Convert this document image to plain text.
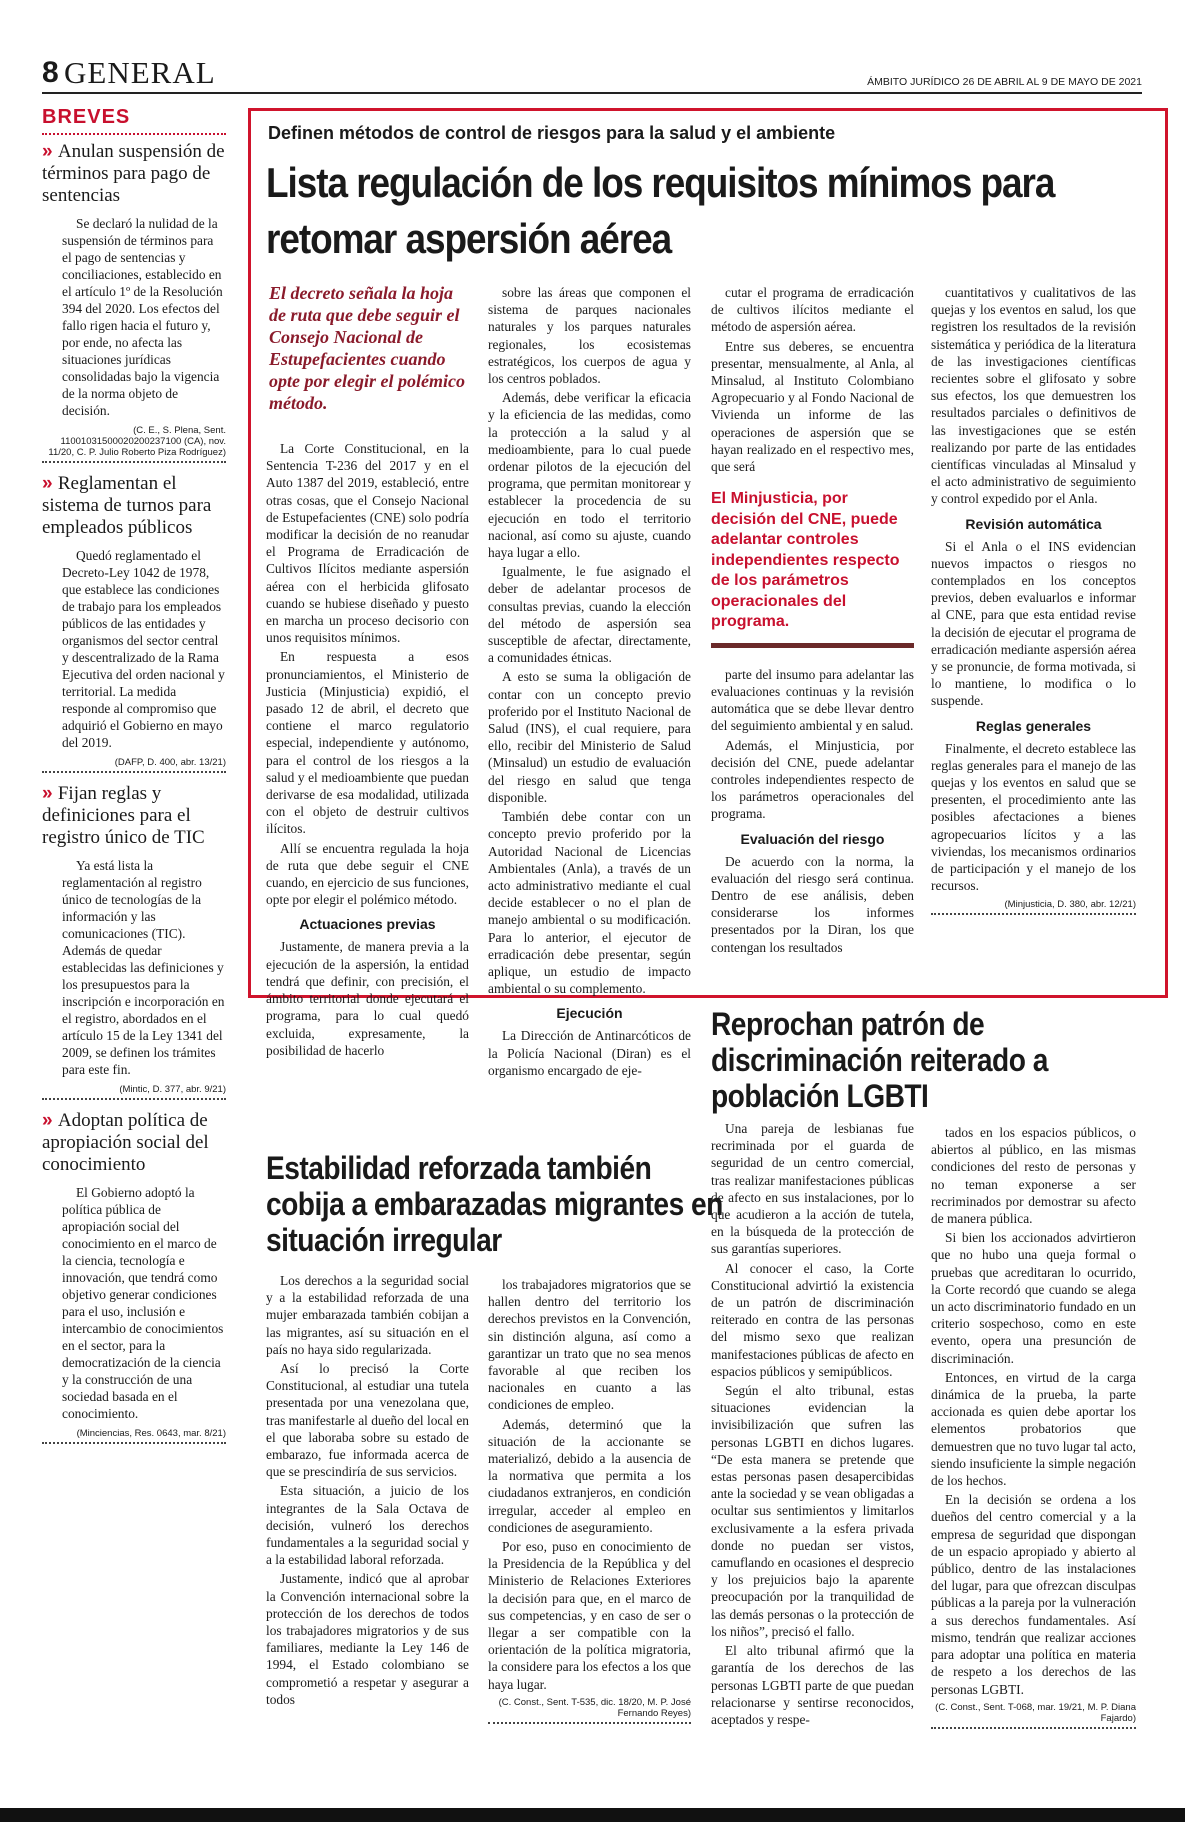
8 GENERAL	ÁMBITO JURÍDICO 26 DE ABRIL AL 9 DE MAYO DE 2021
BREVES
» Anulan suspensión de términos para pago de sentencias

Se declaró la nulidad de la suspensión de términos para el pago de sentencias y conciliaciones, establecido en el artículo 1º de la Resolución 394 del 2020. Los efectos del fallo rigen hacia el futuro y, por ende, no afecta las situaciones jurídicas consolidadas bajo la vigencia de la norma objeto de decisión.

(C. E., S. Plena, Sent. 11001031500020200237100 (CA), nov. 11/20, C. P. Julio Roberto Piza Rodríguez)
» Reglamentan el sistema de turnos para empleados públicos

Quedó reglamentado el Decreto-Ley 1042 de 1978, que establece las condiciones de trabajo para los empleados públicos de las entidades y organismos del sector central y descentralizado de la Rama Ejecutiva del orden nacional y territorial. La medida responde al compromiso que adquirió el Gobierno en mayo del 2019.

(DAFP, D. 400, abr. 13/21)
» Fijan reglas y definiciones para el registro único de TIC

Ya está lista la reglamentación al registro único de tecnologías de la información y las comunicaciones (TIC). Además de quedar establecidas las definiciones y los presupuestos para la inscripción e incorporación en el registro, abordados en el artículo 15 de la Ley 1341 del 2009, se definen los trámites para este fin.

(Mintic, D. 377, abr. 9/21)
» Adoptan política de apropiación social del conocimiento

El Gobierno adoptó la política pública de apropiación social del conocimiento en el marco de la ciencia, tecnología e innovación, que tendrá como objetivo generar condiciones para el uso, inclusión e intercambio de conocimientos en el sector, para la democratización de la ciencia y la construcción de una sociedad basada en el conocimiento.

(Minciencias, Res. 0643, mar. 8/21)
Definen métodos de control de riesgos para la salud y el ambiente
Lista regulación de los requisitos mínimos para retomar aspersión aérea
El decreto señala la hoja de ruta que debe seguir el Consejo Nacional de Estupefacientes cuando opte por elegir el polémico método.

La Corte Constitucional, en la Sentencia T-236 del 2017 y en el Auto 1387 del 2019, estableció, entre otras cosas, que el Consejo Nacional de Estupefacientes (CNE) solo podría modificar la decisión de no reanudar el Programa de Erradicación de Cultivos Ilícitos mediante aspersión aérea con el herbicida glifosato cuando se hubiese diseñado y puesto en marcha un proceso decisorio con unos requisitos mínimos.

En respuesta a esos pronunciamientos, el Ministerio de Justicia (Minjusticia) expidió, el pasado 12 de abril, el decreto que contiene el marco regulatorio especial, independiente y autónomo, para el control de los riesgos a la salud y el medioambiente que puedan derivarse de esa modalidad, utilizada con el objeto de destruir cultivos ilícitos.

Allí se encuentra regulada la hoja de ruta que debe seguir el CNE cuando, en ejercicio de sus funciones, opte por elegir el polémico método.

Actuaciones previas

Justamente, de manera previa a la ejecución de la aspersión, la entidad tendrá que definir, con precisión, el ámbito territorial donde ejecutará el programa, para lo cual quedó excluida, expresamente, la posibilidad de hacerlo

sobre las áreas que componen el sistema de parques nacionales naturales y los parques naturales regionales, los ecosistemas estratégicos, los cuerpos de agua y los centros poblados.

Además, debe verificar la eficacia y la eficiencia de las medidas, como la protección a la salud y al medioambiente, para lo cual puede ordenar pilotos de la ejecución del programa, que permitan monitorear y establecer la procedencia de su ejecución en todo el territorio nacional, así como su ajuste, cuando haya lugar a ello.

Igualmente, le fue asignado el deber de adelantar procesos de consultas previas, cuando la elección del método de aspersión sea susceptible de afectar, directamente, a comunidades étnicas.

A esto se suma la obligación de contar con un concepto previo proferido por el Instituto Nacional de Salud (INS), el cual requiere, para ello, recibir del Ministerio de Salud (Minsalud) un estudio de evaluación del riesgo en salud que tenga disponible.

También debe contar con un concepto previo proferido por la Autoridad Nacional de Licencias Ambientales (Anla), a través de un acto administrativo mediante el cual decide establecer o no el plan de manejo ambiental o su modificación. Para lo anterior, el ejecutor de erradicación debe presentar, según aplique, un estudio de impacto ambiental o su complemento.

Ejecución

La Dirección de Antinarcóticos de la Policía Nacional (Diran) es el organismo encargado de eje-

cutar el programa de erradicación de cultivos ilícitos mediante el método de aspersión aérea.

Entre sus deberes, se encuentra presentar, mensualmente, al Anla, al Minsalud, al Instituto Colombiano Agropecuario y al Fondo Nacional de Vivienda un informe de las operaciones de aspersión que se hayan realizado en el respectivo mes, que será

El Minjusticia, por decisión del CNE, puede adelantar controles independientes respecto de los parámetros operacionales del programa.

parte del insumo para adelantar las evaluaciones continuas y la revisión automática que se debe llevar dentro del seguimiento ambiental y en salud.

Además, el Minjusticia, por decisión del CNE, puede adelantar controles independientes respecto de los parámetros operacionales del programa.

Evaluación del riesgo

De acuerdo con la norma, la evaluación del riesgo será continua. Dentro de ese análisis, deben considerarse los informes presentados por la Diran, los que contengan los resultados

cuantitativos y cualitativos de las quejas y los eventos en salud, los que registren los resultados de la revisión sistemática y periódica de la literatura de las investigaciones científicas recientes sobre el glifosato y sobre sus efectos, los que demuestren los resultados parciales o definitivos de las investigaciones que se estén realizando por parte de las entidades científicas vinculadas al Minsalud y el acto administrativo de seguimiento y control expedido por el Anla.

Revisión automática

Si el Anla o el INS evidencian nuevos impactos o riesgos no contemplados en los conceptos previos, deben evaluarlos e informar al CNE, para que esta entidad revise la decisión de ejecutar el programa de erradicación mediante aspersión aérea y se pronuncie, de forma motivada, si lo mantiene, lo modifica o lo suspende.

Reglas generales

Finalmente, el decreto establece las reglas generales para el manejo de las quejas y los eventos en salud que se presenten, el procedimiento ante las posibles afectaciones a bienes agropecuarios lícitos y a las viviendas, los mecanismos ordinarios de participación y el manejo de los recursos.

(Minjusticia, D. 380, abr. 12/21)
Estabilidad reforzada también cobija a embarazadas migrantes en situación irregular

Los derechos a la seguridad social y a la estabilidad reforzada de una mujer embarazada también cobijan a las migrantes, así su situación en el país no haya sido regularizada.

Así lo precisó la Corte Constitucional, al estudiar una tutela presentada por una venezolana que, tras manifestarle al dueño del local en el que laboraba sobre su estado de embarazo, fue informada acerca de que se prescindiría de sus servicios.

Esta situación, a juicio de los integrantes de la Sala Octava de decisión, vulneró los derechos fundamentales a la seguridad social y a la estabilidad laboral reforzada.

Justamente, indicó que al aprobar la Convención internacional sobre la protección de los derechos de todos los trabajadores migratorios y de sus familiares, mediante la Ley 146 de 1994, el Estado colombiano se comprometió a respetar y asegurar a todos

los trabajadores migratorios que se hallen dentro del territorio los derechos previstos en la Convención, sin distinción alguna, así como a garantizar un trato que no sea menos favorable al que reciben los nacionales en cuanto a las condiciones de empleo.

Además, determinó que la situación de la accionante se materializó, debido a la ausencia de la normativa que permita a los ciudadanos extranjeros, en condición irregular, acceder al empleo en condiciones de aseguramiento.

Por eso, puso en conocimiento de la Presidencia de la República y del Ministerio de Relaciones Exteriores la decisión para que, en el marco de sus competencias, y en caso de ser o llegar a ser compatible con la orientación de la política migratoria, la considere para los efectos a los que haya lugar.

(C. Const., Sent. T-535, dic. 18/20, M. P. José Fernando Reyes)
Reprochan patrón de discriminación reiterado a población LGBTI

Una pareja de lesbianas fue recriminada por el guarda de seguridad de un centro comercial, tras realizar manifestaciones públicas de afecto en sus instalaciones, por lo que acudieron a la acción de tutela, en la búsqueda de la protección de sus garantías superiores.

Al conocer el caso, la Corte Constitucional advirtió la existencia de un patrón de discriminación reiterado en contra de las personas del mismo sexo que realizan manifestaciones públicas de afecto en espacios públicos y semipúblicos.

Según el alto tribunal, estas situaciones evidencian la invisibilización que sufren las personas LGBTI en dichos lugares. “De esta manera se pretende que estas personas pasen desapercibidas ante la sociedad y se vean obligadas a ocultar sus sentimientos y limitarlos exclusivamente a la esfera privada donde no puedan ser vistos, camuflando en ocasiones el desprecio y los prejuicios bajo la aparente preocupación por la tranquilidad de las demás personas o la protección de los niños”, precisó el fallo.

El alto tribunal afirmó que la garantía de los derechos de las personas LGBTI parte de que puedan relacionarse y sentirse reconocidos, aceptados y respe-

tados en los espacios públicos, o abiertos al público, en las mismas condiciones del resto de personas y no teman exponerse a ser recriminados por demostrar su afecto de manera pública.

Si bien los accionados advirtieron que no hubo una queja formal o pruebas que acreditaran lo ocurrido, la Corte recordó que cuando se alega un acto discriminatorio fundado en un criterio sospechoso, como en este evento, opera una presunción de discriminación.

Entonces, en virtud de la carga dinámica de la prueba, la parte accionada es quien debe aportar los elementos probatorios que demuestren que no tuvo lugar tal acto, siendo insuficiente la simple negación de los hechos.

En la decisión se ordena a los dueños del centro comercial y a la empresa de seguridad que dispongan de un espacio apropiado y abierto al público, dentro de las instalaciones del lugar, para que ofrezcan disculpas públicas a la pareja por la vulneración a sus derechos fundamentales. Así mismo, tendrán que realizar acciones para adoptar una política en materia de respeto a los derechos de las personas LGBTI.

(C. Const., Sent. T-068, mar. 19/21, M. P. Diana Fajardo)
